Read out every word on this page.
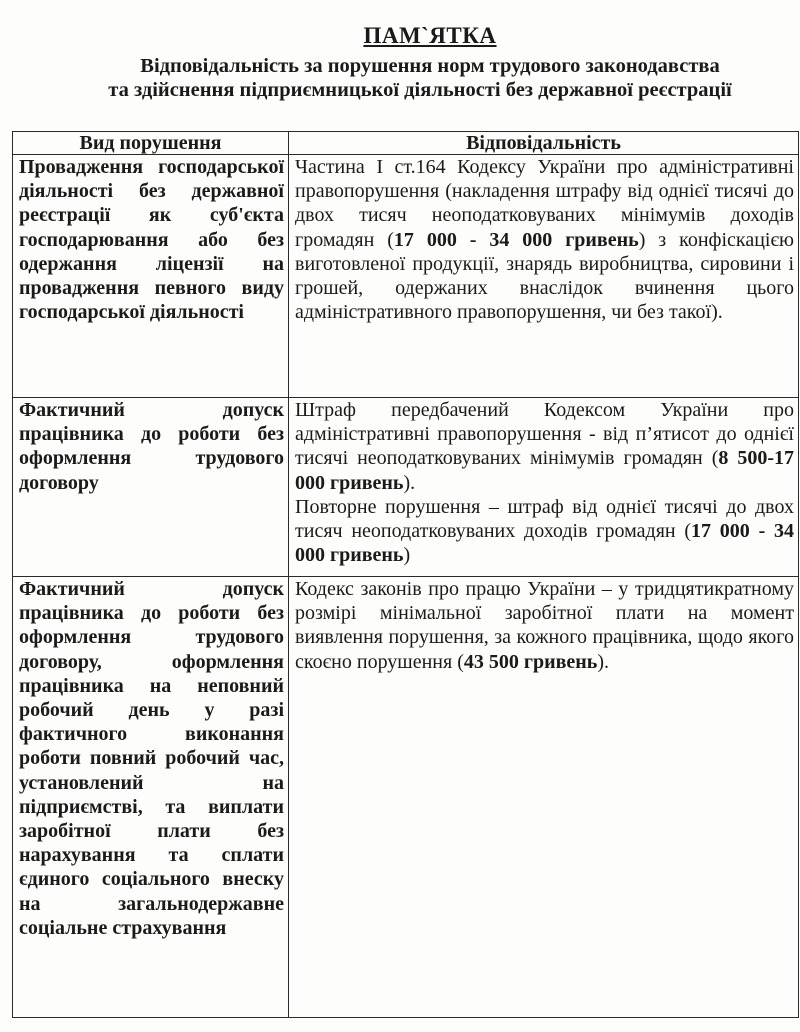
ПАМ`ЯТКА
Відповідальність за порушення норм трудового законодавства
та здійснення підприємницької діяльності без державної реєстрації
Вид порушення	Відповідальність
Провадження господарської діяльності без державної реєстрації як суб'єкта господарювання або без одержання ліцензії на провадження певного виду господарської діяльності	Частина І ст.164 Кодексу України про адміністративні правопорушення (накладення штрафу від однієї тисячі до двох тисяч неоподатковуваних мінімумів доходів громадян (17 000 - 34 000 гривень) з конфіскацією виготовленої продукції, знарядь виробництва, сировини і грошей, одержаних внаслідок вчинення цього адміністративного правопорушення, чи без такої).

Фактичний допуск працівника до роботи без оформлення трудового договору	Штраф передбачений Кодексом України про адміністративні правопорушення - від п’ятисот до однієї тисячі неоподатковуваних мінімумів громадян (8 500-17 000 гривень).

Повторне порушення – штраф від однієї тисячі до двох тисяч неоподатковуваних доходів громадян (17 000 - 34 000 гривень)

Фактичний допуск працівника до роботи без оформлення трудового договору, оформлення працівника на неповний робочий день у разі фактичного виконання роботи повний робочий час, установлений на підприємстві, та виплати заробітної плати без нарахування та сплати єдиного соціального внеску на загальнодержавне соціальне страхування	Кодекс законів про працю України – у тридцятикратному розмірі мінімальної заробітної плати на момент виявлення порушення, за кожного працівника, щодо якого скоєно порушення (43 500 гривень).
